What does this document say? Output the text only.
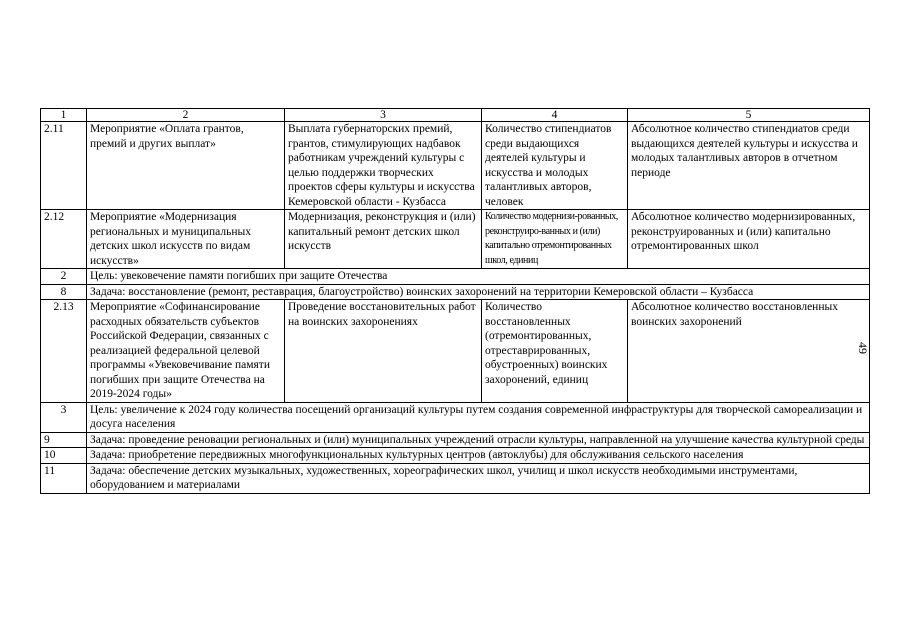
1	2	3	4	5
2.11	Мероприятие «Оплата грантов, премий и других выплат»	Выплата губернаторских премий, грантов, стимулирующих надбавок работникам учреждений культуры с целью поддержки творческих проектов сферы культуры и искусства Кемеровской области - Кузбасса	Количество стипендиатов среди выдающихся деятелей культуры и искусства и молодых талантливых авторов, человек	Абсолютное количество стипендиатов среди выдающихся деятелей культуры и искусства и молодых талантливых авторов в отчетном периоде
2.12	Мероприятие «Модернизация региональных и муниципальных детских школ искусств по видам искусств»	Модернизация, реконструкция и (или) капитальный ремонт детских школ искусств	Количество модернизи-рованных, реконструиро-ванных и (или) капитально отремонтированных школ, единиц	Абсолютное количество модернизированных, реконструированных и (или) капитально отремонтированных школ
2	Цель: увековечение памяти погибших при защите Отечества			
8	Задача: восстановление (ремонт, реставрация, благоустройство) воинских захоронений на территории Кемеровской области – Кузбасса			
2.13	Мероприятие «Софинансирование расходных обязательств субъектов Российской Федерации, связанных с реализацией федеральной целевой программы «Увековечивание памяти погибших при защите Отечества на 2019-2024 годы»	Проведение восстановительных работ на воинских захоронениях	Количество восстановленных (отремонтированных, отреставрированных, обустроенных) воинских захоронений, единиц	Абсолютное количество восстановленных воинских захоронений
3	Цель: увеличение к 2024 году количества посещений организаций культуры путем создания современной инфраструктуры для творческой самореализации и досуга населения			
9	Задача: проведение реновации региональных и (или) муниципальных учреждений отрасли культуры, направленной на улучшение качества культурной среды			
10	Задача: приобретение передвижных многофункциональных культурных центров (автоклубы) для обслуживания сельского населения			
11	Задача: обеспечение детских музыкальных, художественных, хореографических школ, училищ и школ искусств необходимыми инструментами, оборудованием и материалами			
49
